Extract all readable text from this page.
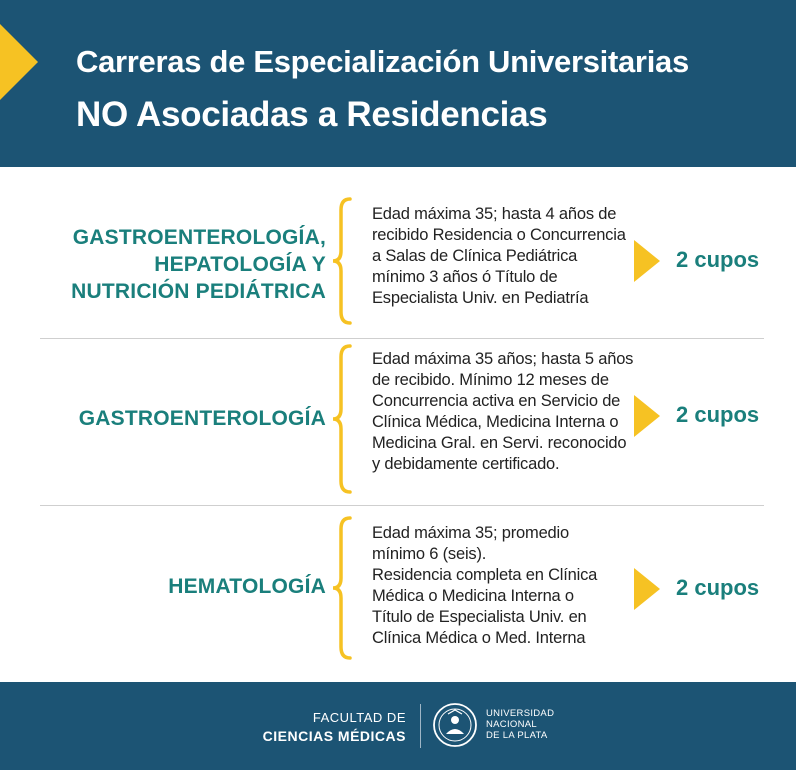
Carreras de Especialización Universitarias
NO Asociadas a Residencias
GASTROENTEROLOGÍA,
HEPATOLOGÍA Y
NUTRICIÓN PEDIÁTRICA
Edad máxima 35; hasta 4 años de
recibido Residencia o Concurrencia
a Salas de Clínica Pediátrica
mínimo 3 años ó Título de
Especialista Univ. en Pediatría
2 cupos
GASTROENTEROLOGÍA
Edad máxima 35 años; hasta 5 años
de recibido. Mínimo 12 meses de
Concurrencia activa en Servicio de
Clínica Médica, Medicina Interna o
Medicina Gral. en Servi. reconocido
y debidamente certificado.
2 cupos
HEMATOLOGÍA
Edad máxima 35; promedio
mínimo 6 (seis).
Residencia completa en Clínica
Médica o Medicina Interna o
Título de Especialista Univ. en
Clínica Médica o Med. Interna
2 cupos
FACULTAD DE
CIENCIAS MÉDICAS
UNIVERSIDAD
NACIONAL
DE LA PLATA
